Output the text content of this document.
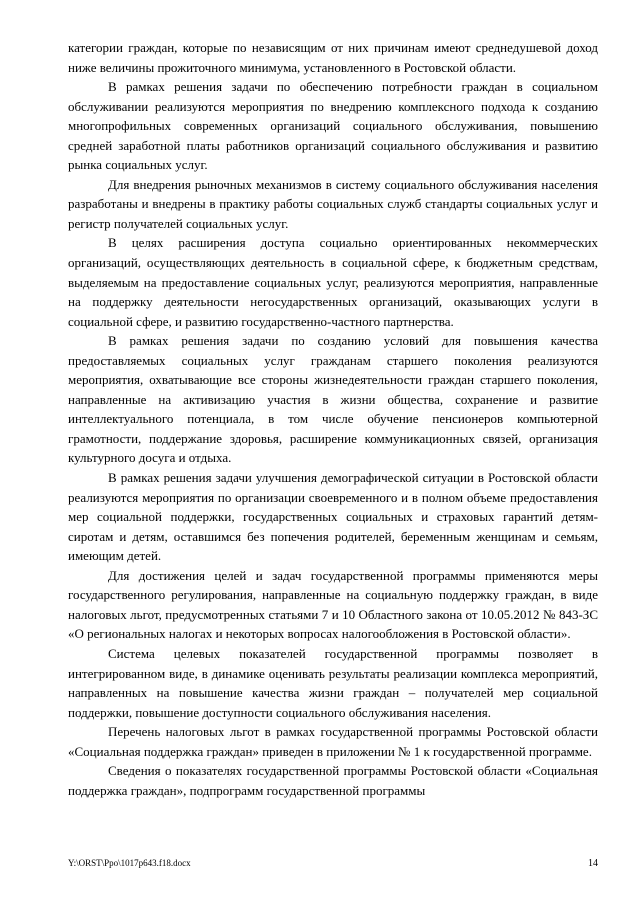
категории граждан, которые по независящим от них причинам имеют среднедушевой доход ниже величины прожиточного минимума, установленного в Ростовской области.

В рамках решения задачи по обеспечению потребности граждан в социальном обслуживании реализуются мероприятия по внедрению комплексного подхода к созданию многопрофильных современных организаций социального обслуживания, повышению средней заработной платы работников организаций социального обслуживания и развитию рынка социальных услуг.

Для внедрения рыночных механизмов в систему социального обслуживания населения разработаны и внедрены в практику работы социальных служб стандарты социальных услуг и регистр получателей социальных услуг.

В целях расширения доступа социально ориентированных некоммерческих организаций, осуществляющих деятельность в социальной сфере, к бюджетным средствам, выделяемым на предоставление социальных услуг, реализуются мероприятия, направленные на поддержку деятельности негосударственных организаций, оказывающих услуги в социальной сфере, и развитию государственно-частного партнерства.

В рамках решения задачи по созданию условий для повышения качества предоставляемых социальных услуг гражданам старшего поколения реализуются мероприятия, охватывающие все стороны жизнедеятельности граждан старшего поколения, направленные на активизацию участия в жизни общества, сохранение и развитие интеллектуального потенциала, в том числе обучение пенсионеров компьютерной грамотности, поддержание здоровья, расширение коммуникационных связей, организация культурного досуга и отдыха.

В рамках решения задачи улучшения демографической ситуации в Ростовской области реализуются мероприятия по организации своевременного и в полном объеме предоставления мер социальной поддержки, государственных социальных и страховых гарантий детям-сиротам и детям, оставшимся без попечения родителей, беременным женщинам и семьям, имеющим детей.

Для достижения целей и задач государственной программы применяются меры государственного регулирования, направленные на социальную поддержку граждан, в виде налоговых льгот, предусмотренных статьями 7 и 10 Областного закона от 10.05.2012 № 843-ЗС «О региональных налогах и некоторых вопросах налогообложения в Ростовской области».

Система целевых показателей государственной программы позволяет в интегрированном виде, в динамике оценивать результаты реализации комплекса мероприятий, направленных на повышение качества жизни граждан – получателей мер социальной поддержки, повышение доступности социального обслуживания населения.

Перечень налоговых льгот в рамках государственной программы Ростовской области «Социальная поддержка граждан» приведен в приложении № 1 к государственной программе.

Сведения о показателях государственной программы Ростовской области «Социальная поддержка граждан», подпрограмм государственной программы

Y:\ORST\Ppo\1017p643.f18.docx	14
